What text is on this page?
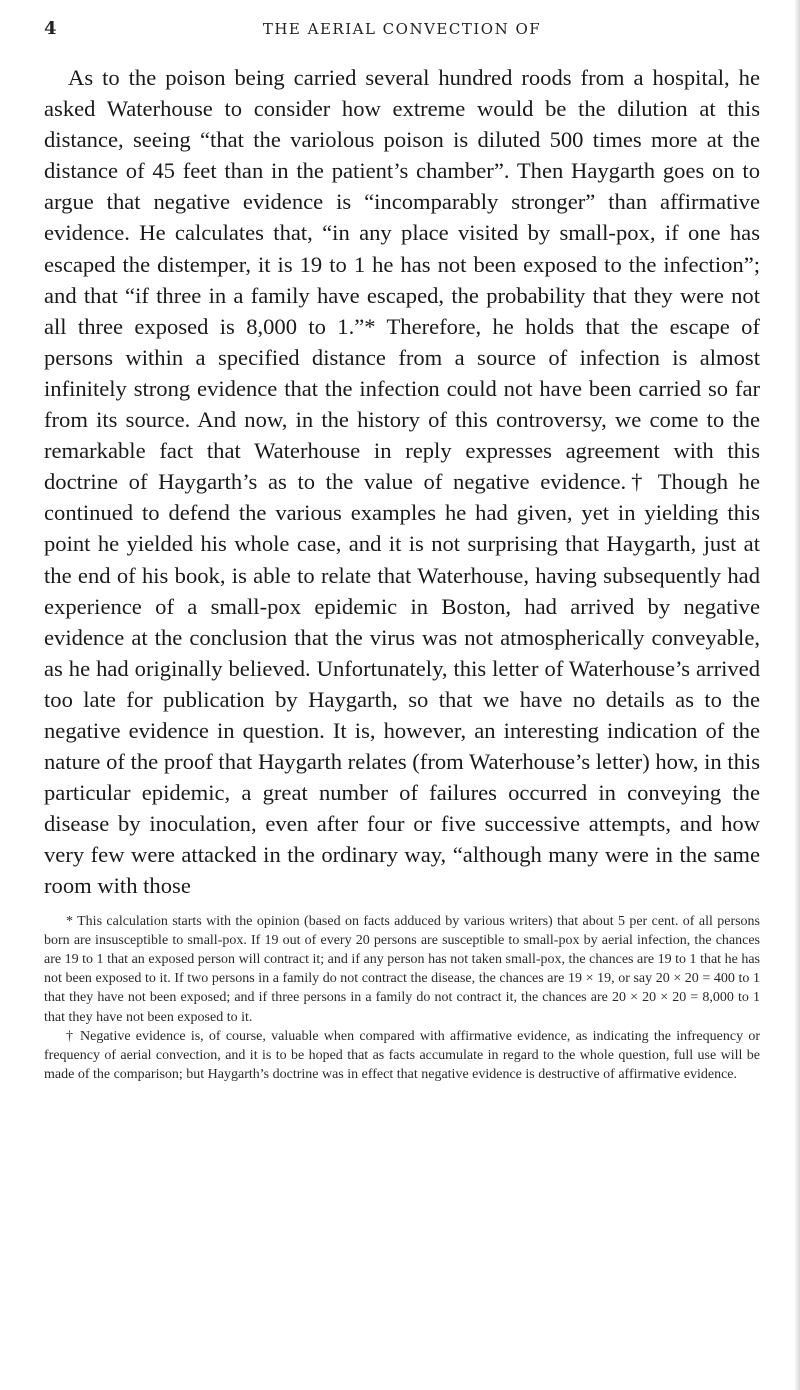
4	THE AERIAL CONVECTION OF

As to the poison being carried several hundred roods from a hospital, he asked Waterhouse to consider how extreme would be the dilution at this distance, seeing “that the variolous poison is diluted 500 times more at the distance of 45 feet than in the patient’s chamber”. Then Haygarth goes on to argue that negative evidence is “incomparably stronger” than affirmative evidence. He calculates that, “in any place visited by small-pox, if one has escaped the distemper, it is 19 to 1 he has not been exposed to the infection”; and that “if three in a family have escaped, the probability that they were not all three exposed is 8,000 to 1.”* Therefore, he holds that the escape of persons within a specified distance from a source of infection is almost infinitely strong evidence that the infection could not have been carried so far from its source. And now, in the history of this controversy, we come to the remarkable fact that Waterhouse in reply expresses agreement with this doctrine of Haygarth’s as to the value of negative evidence.† Though he continued to defend the various examples he had given, yet in yielding this point he yielded his whole case, and it is not surprising that Haygarth, just at the end of his book, is able to relate that Waterhouse, having subsequently had experience of a small-pox epidemic in Boston, had arrived by negative evidence at the conclusion that the virus was not atmospherically conveyable, as he had originally believed. Unfortunately, this letter of Waterhouse’s arrived too late for publication by Haygarth, so that we have no details as to the negative evidence in question. It is, however, an interesting indication of the nature of the proof that Haygarth relates (from Waterhouse’s letter) how, in this particular epidemic, a great number of failures occurred in conveying the disease by inoculation, even after four or five successive attempts, and how very few were attacked in the ordinary way, “although many were in the same room with those

* This calculation starts with the opinion (based on facts adduced by various writers) that about 5 per cent. of all persons born are insusceptible to small-pox. If 19 out of every 20 persons are susceptible to small-pox by aerial infection, the chances are 19 to 1 that an exposed person will contract it; and if any person has not taken small-pox, the chances are 19 to 1 that he has not been exposed to it. If two persons in a family do not contract the disease, the chances are 19 × 19, or say 20 × 20 = 400 to 1 that they have not been exposed; and if three persons in a family do not contract it, the chances are 20 × 20 × 20 = 8,000 to 1 that they have not been exposed to it.

† Negative evidence is, of course, valuable when compared with affirmative evidence, as indicating the infrequency or frequency of aerial convection, and it is to be hoped that as facts accumulate in regard to the whole question, full use will be made of the comparison; but Haygarth’s doctrine was in effect that negative evidence is destructive of affirmative evidence.
